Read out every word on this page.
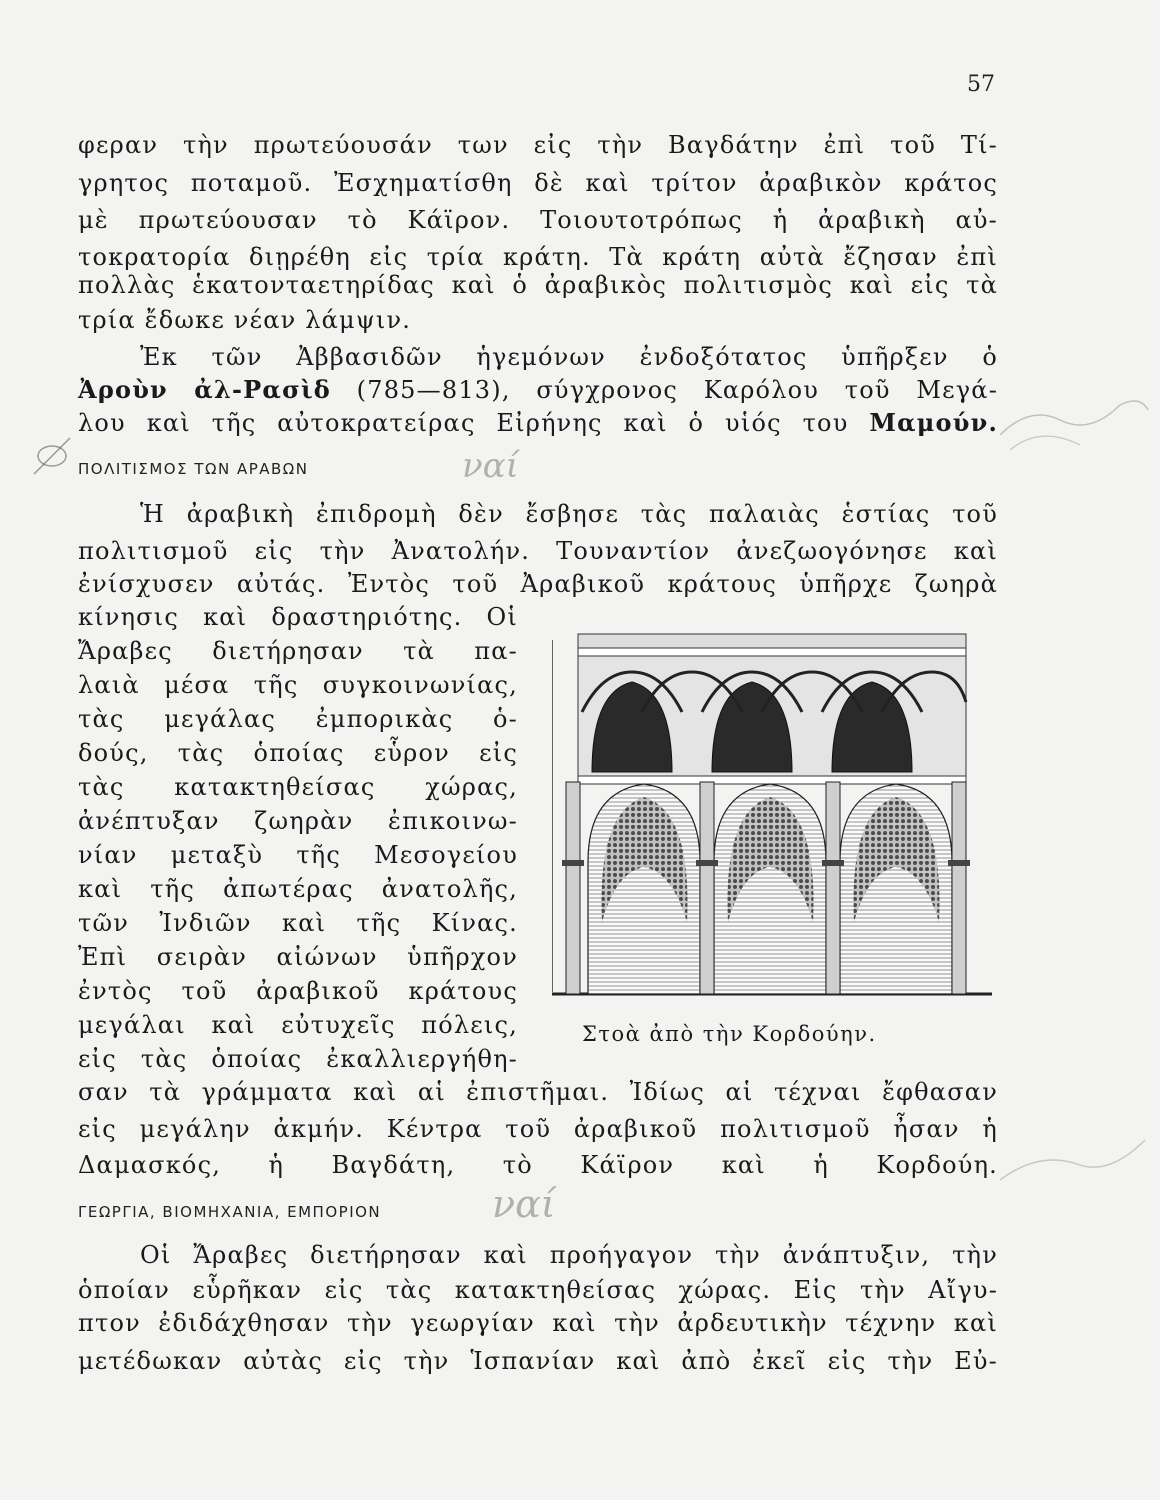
57
φεραν τὴν πρωτεύουσάν των εἰς τὴν Βαγδάτην ἐπὶ τοῦ Τί-
γρητος ποταμοῦ. Ἐσχηματίσθη δὲ καὶ τρίτον ἀραβικὸν κράτος
μὲ πρωτεύουσαν τὸ Κάϊρον. Τοιουτοτρόπως ἡ ἀραβικὴ αὐ-
τοκρατορία διῃρέθη εἰς τρία κράτη. Τὰ κράτη αὐτὰ ἔζησαν ἐπὶ
πολλὰς ἑκατονταετηρίδας καὶ ὁ ἀραβικὸς πολιτισμὸς καὶ εἰς τὰ
τρία ἔδωκε νέαν λάμψιν.
Ἐκ τῶν Ἀββασιδῶν ἡγεμόνων ἐνδοξότατος ὑπῆρξεν ὁ
Ἀροὺν ἀλ-Ρασὶδ (785—813), σύγχρονος Καρόλου τοῦ Μεγά-
λου καὶ τῆς αὐτοκρατείρας Εἰρήνης καὶ ὁ υἱός του Μαμούν.
ΠΟΛΙΤΙΣΜΟΣ ΤΩΝ ΑΡΑΒΩΝ
Ἡ ἀραβικὴ ἐπιδρομὴ δὲν ἔσβησε τὰς παλαιὰς ἑστίας τοῦ
πολιτισμοῦ εἰς τὴν Ἀνατολήν. Τουναντίον ἀνεζωογόνησε καὶ
ἐνίσχυσεν αὐτάς. Ἐντὸς τοῦ Ἀραβικοῦ κράτους ὑπῆρχε ζωηρὰ
κίνησις καὶ δραστηριότης. Οἱ
Ἄραβες διετήρησαν τὰ πα-
λαιὰ μέσα τῆς συγκοινωνίας,
τὰς μεγάλας ἐμπορικὰς ὁ-
δούς, τὰς ὁποίας εὗρον εἰς
τὰς κατακτηθείσας χώρας,
ἀνέπτυξαν ζωηρὰν ἐπικοινω-
νίαν μεταξὺ τῆς Μεσογείου
καὶ τῆς ἀπωτέρας ἀνατολῆς,
τῶν Ἰνδιῶν καὶ τῆς Κίνας.
Ἐπὶ σειρὰν αἰώνων ὑπῆρχον
ἐντὸς τοῦ ἀραβικοῦ κράτους
μεγάλαι καὶ εὐτυχεῖς πόλεις,
εἰς τὰς ὁποίας ἐκαλλιεργήθη-
Στοὰ ἀπὸ τὴν Κορδούην.
σαν τὰ γράμματα καὶ αἱ ἐπιστῆμαι. Ἰδίως αἱ τέχναι ἔφθασαν
εἰς μεγάλην ἀκμήν. Κέντρα τοῦ ἀραβικοῦ πολιτισμοῦ ἦσαν ἡ
Δαμασκός, ἡ Βαγδάτη, τὸ Κάϊρον καὶ ἡ Κορδούη.
ΓΕΩΡΓΙΑ, ΒΙΟΜΗΧΑΝΙΑ, ΕΜΠΟΡΙΟΝ
Οἱ Ἄραβες διετήρησαν καὶ προήγαγον τὴν ἀνάπτυξιν, τὴν
ὁποίαν εὗρῆκαν εἰς τὰς κατακτηθείσας χώρας. Εἰς τὴν Αἴγυ-
πτον ἐδιδάχθησαν τὴν γεωργίαν καὶ τὴν ἀρδευτικὴν τέχνην καὶ
μετέδωκαν αὐτὰς εἰς τὴν Ἱσπανίαν καὶ ἀπὸ ἐκεῖ εἰς τὴν Εὐ-
ναί
ναί
